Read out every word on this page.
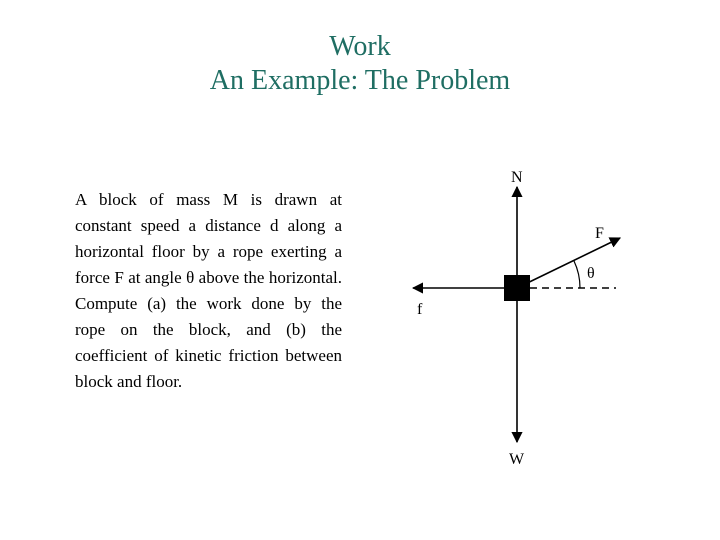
Work
An Example: The Problem
A block of mass M is drawn at constant speed a distance d along a horizontal floor by a rope exerting a force F at angle θ above the horizontal. Compute (a) the work done by the rope on the block, and (b) the coefficient of kinetic friction between block and floor.
N
W
f
F
θ
